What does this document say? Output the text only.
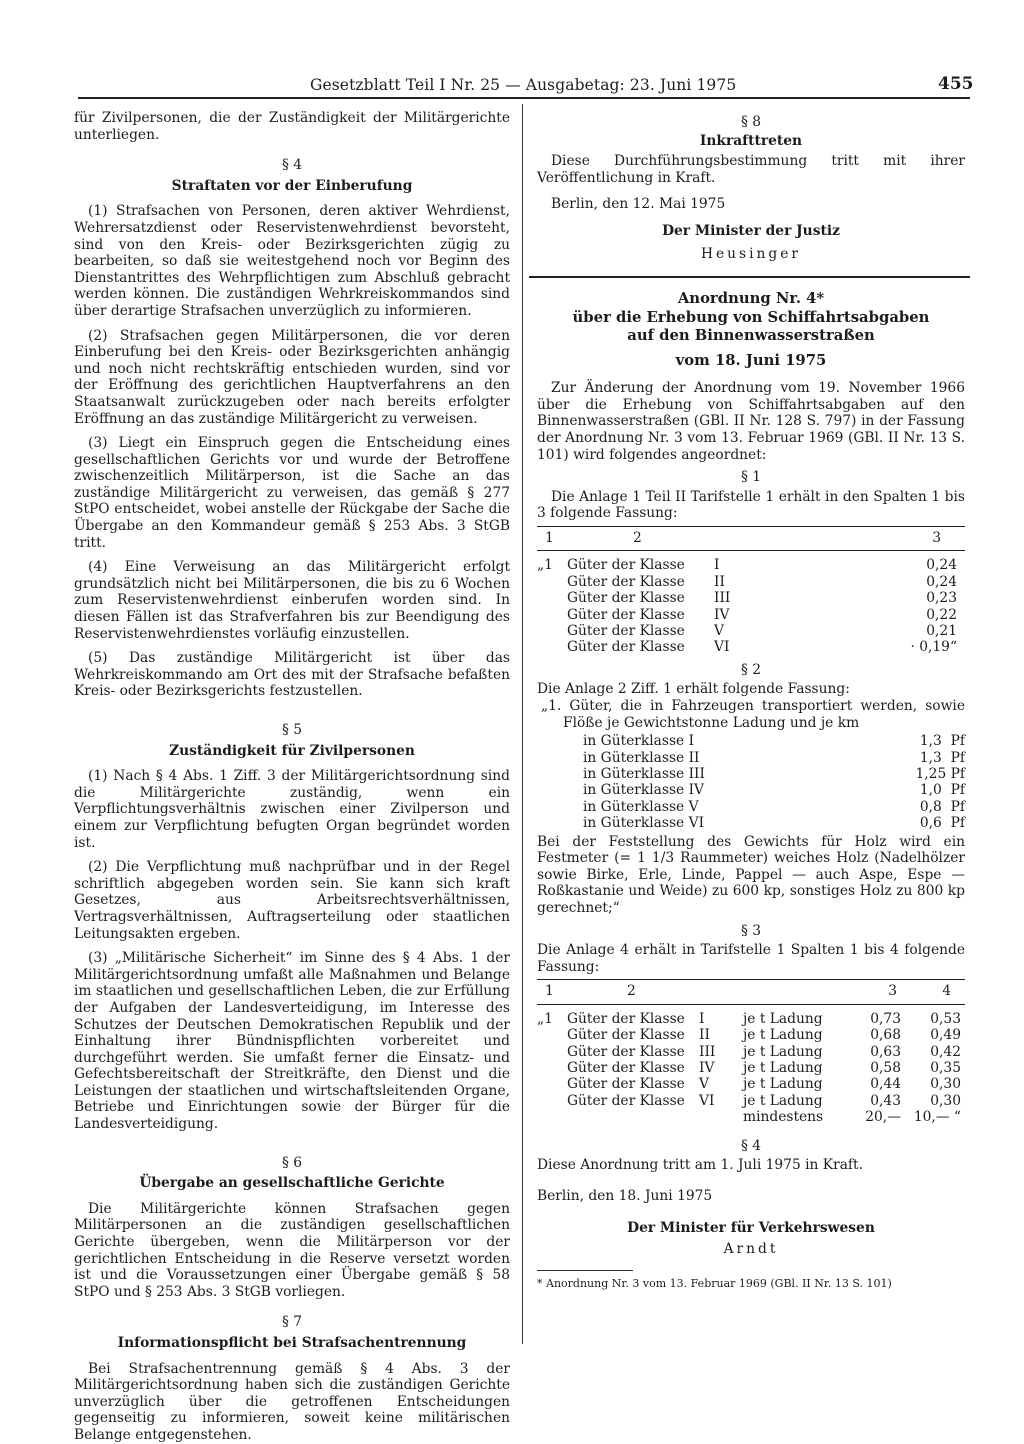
Gesetzblatt Teil I Nr. 25 — Ausgabetag: 23. Juni 1975	455

für Zivilpersonen, die der Zuständigkeit der Militärgerichte unterliegen.

§ 4

Straftaten vor der Einberufung

(1) Strafsachen von Personen, deren aktiver Wehrdienst, Wehrersatzdienst oder Reservistenwehrdienst bevorsteht, sind von den Kreis- oder Bezirksgerichten zügig zu bearbeiten, so daß sie weitestgehend noch vor Beginn des Dienstantrittes des Wehrpflichtigen zum Abschluß gebracht werden können. Die zuständigen Wehrkreiskommandos sind über derartige Strafsachen unverzüglich zu informieren.

(2) Strafsachen gegen Militärpersonen, die vor deren Einberufung bei den Kreis- oder Bezirksgerichten anhängig und noch nicht rechtskräftig entschieden wurden, sind vor der Eröffnung des gerichtlichen Hauptverfahrens an den Staatsanwalt zurückzugeben oder nach bereits erfolgter Eröffnung an das zuständige Militärgericht zu verweisen.

(3) Liegt ein Einspruch gegen die Entscheidung eines gesellschaftlichen Gerichts vor und wurde der Betroffene zwischenzeitlich Militärperson, ist die Sache an das zuständige Militärgericht zu verweisen, das gemäß § 277 StPO entscheidet, wobei anstelle der Rückgabe der Sache die Übergabe an den Kommandeur gemäß § 253 Abs. 3 StGB tritt.

(4) Eine Verweisung an das Militärgericht erfolgt grundsätzlich nicht bei Militärpersonen, die bis zu 6 Wochen zum Reservistenwehrdienst einberufen worden sind. In diesen Fällen ist das Strafverfahren bis zur Beendigung des Reservistenwehrdienstes vorläufig einzustellen.

(5) Das zuständige Militärgericht ist über das Wehrkreiskommando am Ort des mit der Strafsache befaßten Kreis- oder Bezirksgerichts festzustellen.

§ 5

Zuständigkeit für Zivilpersonen

(1) Nach § 4 Abs. 1 Ziff. 3 der Militärgerichtsordnung sind die Militärgerichte zuständig, wenn ein Verpflichtungsverhältnis zwischen einer Zivilperson und einem zur Verpflichtung befugten Organ begründet worden ist.

(2) Die Verpflichtung muß nachprüfbar und in der Regel schriftlich abgegeben worden sein. Sie kann sich kraft Gesetzes, aus Arbeitsrechtsverhältnissen, Vertragsverhältnissen, Auftragserteilung oder staatlichen Leitungsakten ergeben.

(3) „Militärische Sicherheit“ im Sinne des § 4 Abs. 1 der Militärgerichtsordnung umfaßt alle Maßnahmen und Belange im staatlichen und gesellschaftlichen Leben, die zur Erfüllung der Aufgaben der Landesverteidigung, im Interesse des Schutzes der Deutschen Demokratischen Republik und der Einhaltung ihrer Bündnispflichten vorbereitet und durchgeführt werden. Sie umfaßt ferner die Einsatz- und Gefechtsbereitschaft der Streitkräfte, den Dienst und die Leistungen der staatlichen und wirtschaftsleitenden Organe, Betriebe und Einrichtungen sowie der Bürger für die Landesverteidigung.

§ 6

Übergabe an gesellschaftliche Gerichte

Die Militärgerichte können Strafsachen gegen Militärpersonen an die zuständigen gesellschaftlichen Gerichte übergeben, wenn die Militärperson vor der gerichtlichen Entscheidung in die Reserve versetzt worden ist und die Voraussetzungen einer Übergabe gemäß § 58 StPO und § 253 Abs. 3 StGB vorliegen.

§ 7

Informationspflicht bei Strafsachentrennung

Bei Strafsachentrennung gemäß § 4 Abs. 3 der Militärgerichtsordnung haben sich die zuständigen Gerichte unverzüglich über die getroffenen Entscheidungen gegenseitig zu informieren, soweit keine militärischen Belange entgegenstehen.

§ 8

Inkrafttreten

Diese Durchführungsbestimmung tritt mit ihrer Veröffentlichung in Kraft.

Berlin, den 12. Mai 1975

Der Minister der Justiz

Heusinger

Anordnung Nr. 4*

über die Erhebung von Schiffahrtsabgaben

auf den Binnenwasserstraßen

vom 18. Juni 1975

Zur Änderung der Anordnung vom 19. November 1966 über die Erhebung von Schiffahrtsabgaben auf den Binnenwasserstraßen (GBl. II Nr. 128 S. 797) in der Fassung der Anordnung Nr. 3 vom 13. Februar 1969 (GBl. II Nr. 13 S. 101) wird folgendes angeordnet:

§ 1

Die Anlage 1 Teil II Tarifstelle 1 erhält in den Spalten 1 bis 3 folgende Fassung:

1	2		3
„1	Güter der Klasse	I	0,24
	Güter der Klasse	II	0,24
	Güter der Klasse	III	0,23
	Güter der Klasse	IV	0,22
	Güter der Klasse	V	0,21
	Güter der Klasse	VI	· 0,19“

§ 2

Die Anlage 2 Ziff. 1 erhält folgende Fassung:

„1. Güter, die in Fahrzeugen transportiert werden, sowie Flöße je Gewichtstonne Ladung und je km

in Güterklasse I	1,3  Pf
in Güterklasse II	1,3  Pf
in Güterklasse III	1,25 Pf
in Güterklasse IV	1,0  Pf
in Güterklasse V	0,8  Pf
in Güterklasse VI	0,6  Pf

Bei der Feststellung des Gewichts für Holz wird ein Festmeter (= 1 1/3 Raummeter) weiches Holz (Nadelhölzer sowie Birke, Erle, Linde, Pappel — auch Aspe, Espe — Roßkastanie und Weide) zu 600 kp, sonstiges Holz zu 800 kp gerechnet;“

§ 3

Die Anlage 4 erhält in Tarifstelle 1 Spalten 1 bis 4 folgende Fassung:

1	2			3	4
„1	Güter der Klasse	I	je t Ladung	0,73	0,53
	Güter der Klasse	II	je t Ladung	0,68	0,49
	Güter der Klasse	III	je t Ladung	0,63	0,42
	Güter der Klasse	IV	je t Ladung	0,58	0,35
	Güter der Klasse	V	je t Ladung	0,44	0,30
	Güter der Klasse	VI	je t Ladung	0,43	0,30
			mindestens	20,—	10,— “

§ 4

Diese Anordnung tritt am 1. Juli 1975 in Kraft.

Berlin, den 18. Juni 1975

Der Minister für Verkehrswesen

Arndt

* Anordnung Nr. 3 vom 13. Februar 1969 (GBl. II Nr. 13 S. 101)
